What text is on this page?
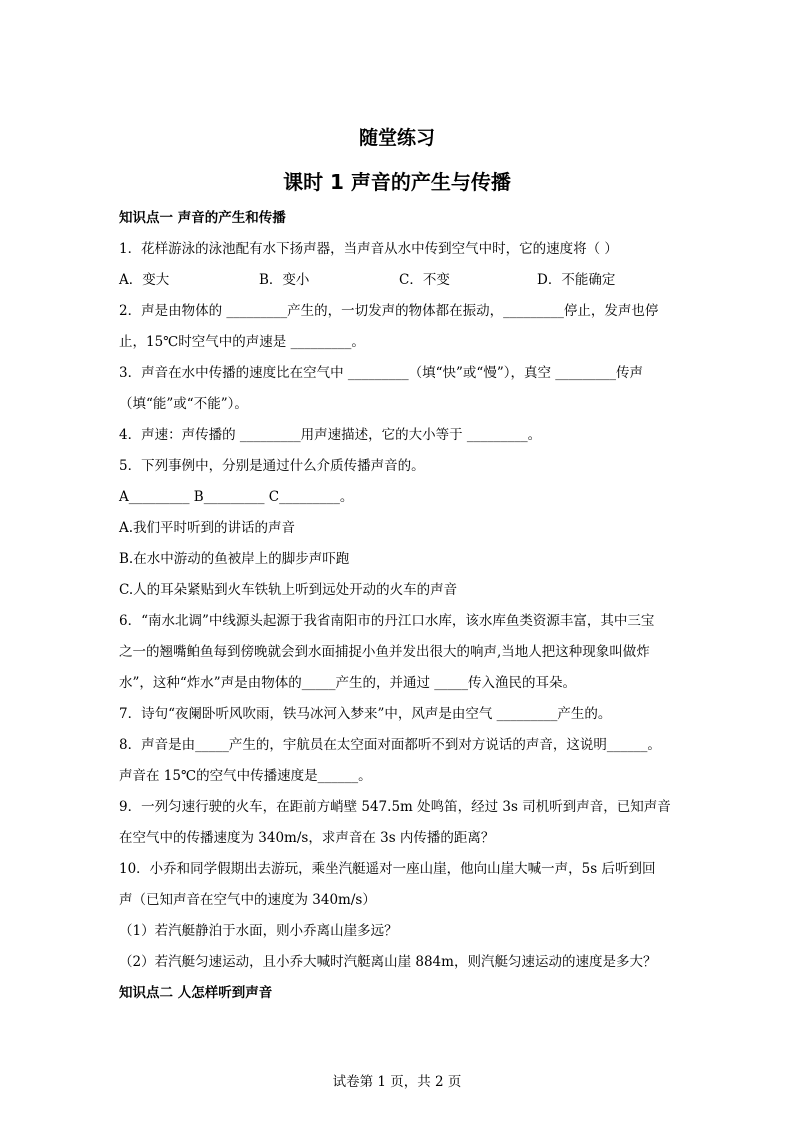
随堂练习
课时 1 声音的产生与传播
知识点一 声音的产生和传播
1．花样游泳的泳池配有水下扬声器，当声音从水中传到空气中时，它的速度将（ ）
A．变大	B．变小	C．不变	D．不能确定
2．声是由物体的 _________产生的，一切发声的物体都在振动，_________停止，发声也停
止，15℃时空气中的声速是 _________。
3．声音在水中传播的速度比在空气中 _________（填“快”或“慢”），真空 _________传声
（填“能”或“不能”）。
4．声速：声传播的 _________用声速描述，它的大小等于 _________。
5．下列事例中，分别是通过什么介质传播声音的。
A_________ B_________ C_________。
A.我们平时听到的讲话的声音
B.在水中游动的鱼被岸上的脚步声吓跑
C.人的耳朵紧贴到火车铁轨上听到远处开动的火车的声音
6．“南水北调”中线源头起源于我省南阳市的丹江口水库，该水库鱼类资源丰富，其中三宝
之一的翘嘴鲌鱼每到傍晚就会到水面捕捉小鱼并发出很大的响声,当地人把这种现象叫做炸
水”，这种“炸水”声是由物体的_____产生的，并通过 _____传入渔民的耳朵。
7．诗句“夜阑卧听风吹雨，铁马冰河入梦来”中，风声是由空气 _________产生的。
8．声音是由_____产生的，宇航员在太空面对面都听不到对方说话的声音，这说明______。
声音在 15℃的空气中传播速度是______。
9．一列匀速行驶的火车，在距前方峭壁 547.5m 处鸣笛，经过 3s 司机听到声音，已知声音
在空气中的传播速度为 340m/s，求声音在 3s 内传播的距离？
10．小乔和同学假期出去游玩，乘坐汽艇遥对一座山崖，他向山崖大喊一声，5s 后听到回
声（已知声音在空气中的速度为 340m/s）
（1）若汽艇静泊于水面，则小乔离山崖多远？
（2）若汽艇匀速运动，且小乔大喊时汽艇离山崖 884m，则汽艇匀速运动的速度是多大？
知识点二 人怎样听到声音
试卷第 1 页，共 2 页
